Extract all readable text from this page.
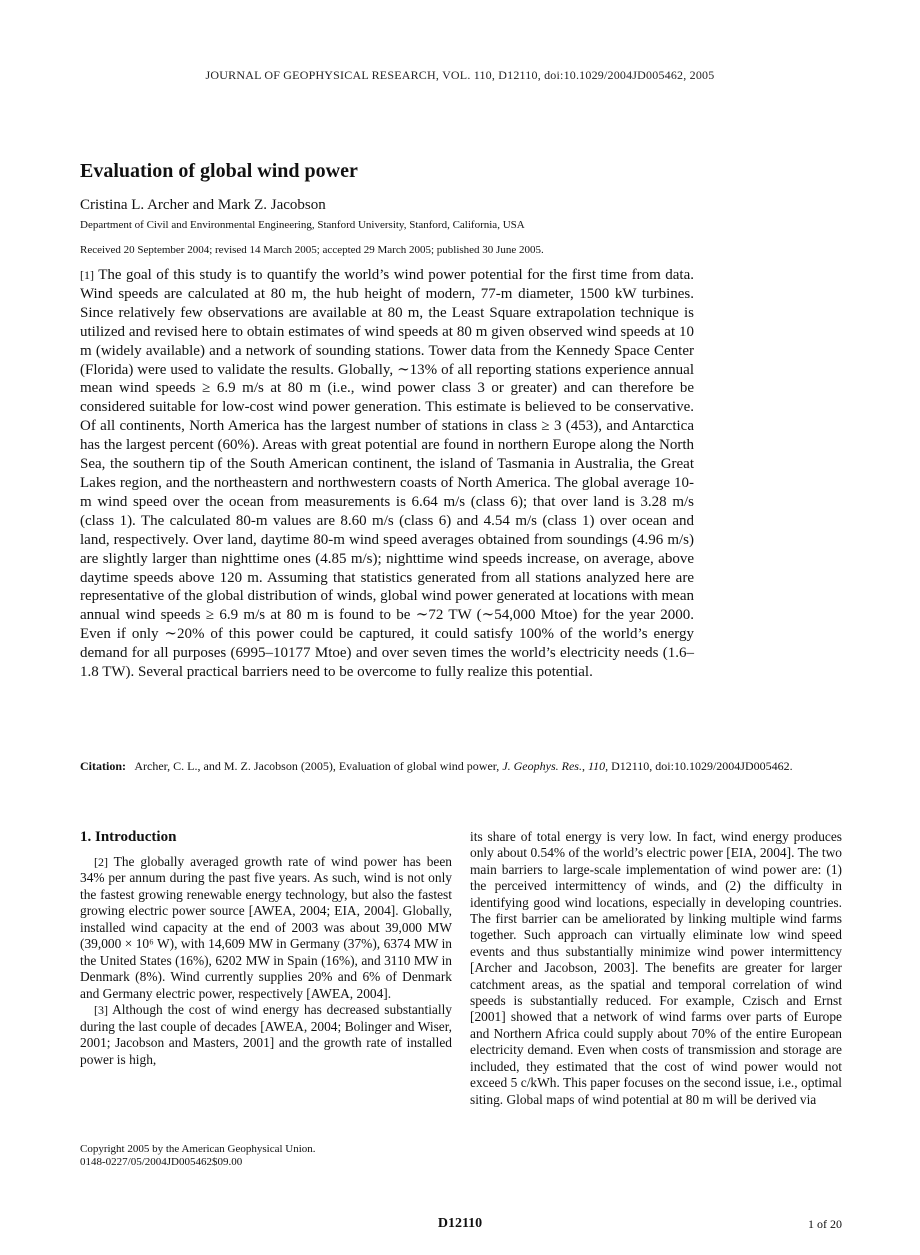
JOURNAL OF GEOPHYSICAL RESEARCH, VOL. 110, D12110, doi:10.1029/2004JD005462, 2005
Evaluation of global wind power
Cristina L. Archer and Mark Z. Jacobson
Department of Civil and Environmental Engineering, Stanford University, Stanford, California, USA
Received 20 September 2004; revised 14 March 2005; accepted 29 March 2005; published 30 June 2005.
[1] The goal of this study is to quantify the world’s wind power potential for the first time from data. Wind speeds are calculated at 80 m, the hub height of modern, 77-m diameter, 1500 kW turbines. Since relatively few observations are available at 80 m, the Least Square extrapolation technique is utilized and revised here to obtain estimates of wind speeds at 80 m given observed wind speeds at 10 m (widely available) and a network of sounding stations. Tower data from the Kennedy Space Center (Florida) were used to validate the results. Globally, ∼13% of all reporting stations experience annual mean wind speeds ≥ 6.9 m/s at 80 m (i.e., wind power class 3 or greater) and can therefore be considered suitable for low-cost wind power generation. This estimate is believed to be conservative. Of all continents, North America has the largest number of stations in class ≥ 3 (453), and Antarctica has the largest percent (60%). Areas with great potential are found in northern Europe along the North Sea, the southern tip of the South American continent, the island of Tasmania in Australia, the Great Lakes region, and the northeastern and northwestern coasts of North America. The global average 10-m wind speed over the ocean from measurements is 6.64 m/s (class 6); that over land is 3.28 m/s (class 1). The calculated 80-m values are 8.60 m/s (class 6) and 4.54 m/s (class 1) over ocean and land, respectively. Over land, daytime 80-m wind speed averages obtained from soundings (4.96 m/s) are slightly larger than nighttime ones (4.85 m/s); nighttime wind speeds increase, on average, above daytime speeds above 120 m. Assuming that statistics generated from all stations analyzed here are representative of the global distribution of winds, global wind power generated at locations with mean annual wind speeds ≥ 6.9 m/s at 80 m is found to be ∼72 TW (∼54,000 Mtoe) for the year 2000. Even if only ∼20% of this power could be captured, it could satisfy 100% of the world’s energy demand for all purposes (6995–10177 Mtoe) and over seven times the world’s electricity needs (1.6–1.8 TW). Several practical barriers need to be overcome to fully realize this potential.
Citation: Archer, C. L., and M. Z. Jacobson (2005), Evaluation of global wind power, J. Geophys. Res., 110, D12110, doi:10.1029/2004JD005462.
1. Introduction

[2] The globally averaged growth rate of wind power has been 34% per annum during the past five years. As such, wind is not only the fastest growing renewable energy technology, but also the fastest growing electric power source [AWEA, 2004; EIA, 2004]. Globally, installed wind capacity at the end of 2003 was about 39,000 MW (39,000 × 10⁶ W), with 14,609 MW in Germany (37%), 6374 MW in the United States (16%), 6202 MW in Spain (16%), and 3110 MW in Denmark (8%). Wind currently supplies 20% and 6% of Denmark and Germany electric power, respectively [AWEA, 2004].

[3] Although the cost of wind energy has decreased substantially during the last couple of decades [AWEA, 2004; Bolinger and Wiser, 2001; Jacobson and Masters, 2001] and the growth rate of installed power is high,

its share of total energy is very low. In fact, wind energy produces only about 0.54% of the world’s electric power [EIA, 2004]. The two main barriers to large-scale implementation of wind power are: (1) the perceived intermittency of winds, and (2) the difficulty in identifying good wind locations, especially in developing countries. The first barrier can be ameliorated by linking multiple wind farms together. Such approach can virtually eliminate low wind speed events and thus substantially minimize wind power intermittency [Archer and Jacobson, 2003]. The benefits are greater for larger catchment areas, as the spatial and temporal correlation of wind speeds is substantially reduced. For example, Czisch and Ernst [2001] showed that a network of wind farms over parts of Europe and Northern Africa could supply about 70% of the entire European electricity demand. Even when costs of transmission and storage are included, they estimated that the cost of wind power would not exceed 5 c/kWh. This paper focuses on the second issue, i.e., optimal siting. Global maps of wind potential at 80 m will be derived via

Copyright 2005 by the American Geophysical Union.
0148-0227/05/2004JD005462$09.00
D12110	1 of 20
